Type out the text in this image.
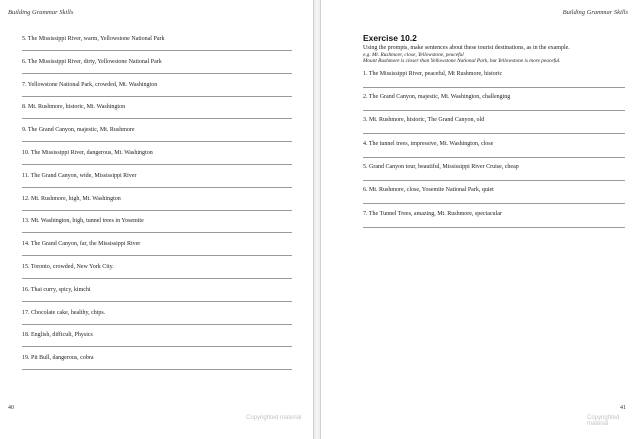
Building Grammar Skills
5. The Mississippi River, warm, Yellowstone National Park
6. The Mississippi River, dirty, Yellowstone National Park
7. Yellowstone National Park, crowded, Mt. Washington
8. Mt. Rushmore, historic, Mt. Washington
9. The Grand Canyon, majestic, Mt. Rushmore
10. The Mississippi River, dangerous, Mt. Washington
11. The Grand Canyon, wide, Mississippi River
12. Mt. Rushmore, high, Mt. Washington
13. Mt. Washington, high, tunnel trees in Yosemite
14. The Grand Canyon, far, the Mississippi River
15. Toronto, crowded, New York City.
16. Thai curry, spicy, kimchi
17. Chocolate cake, healthy, chips.
18. English, difficult, Physics
19. Pit Bull, dangerous, cobra
40
Copyrighted material
Building Grammar Skills
Exercise 10.2

Using the prompts, make sentences about these tourist destinations, as in the example.

e.g. Mt. Rushmore, close, Yellowstone, peaceful

Mount Rushmore is closer than Yellowstone National Park, but Yellowstone is more peaceful.

1. The Mississippi River, peaceful, Mt Rushmore, historic
2. The Grand Canyon, majestic, Mt. Washington, challenging
3. Mt. Rushmore, historic, The Grand Canyon, old
4. The tunnel trees, impressive, Mt. Washington, close
5. Grand Canyon tour, beautiful, Mississippi River Cruise, cheap
6. Mt. Rushmore, close, Yosemite National Park, quiet
7. The Tunnel Trees, amazing, Mt. Rushmore, spectacular
41
Copyrighted material
